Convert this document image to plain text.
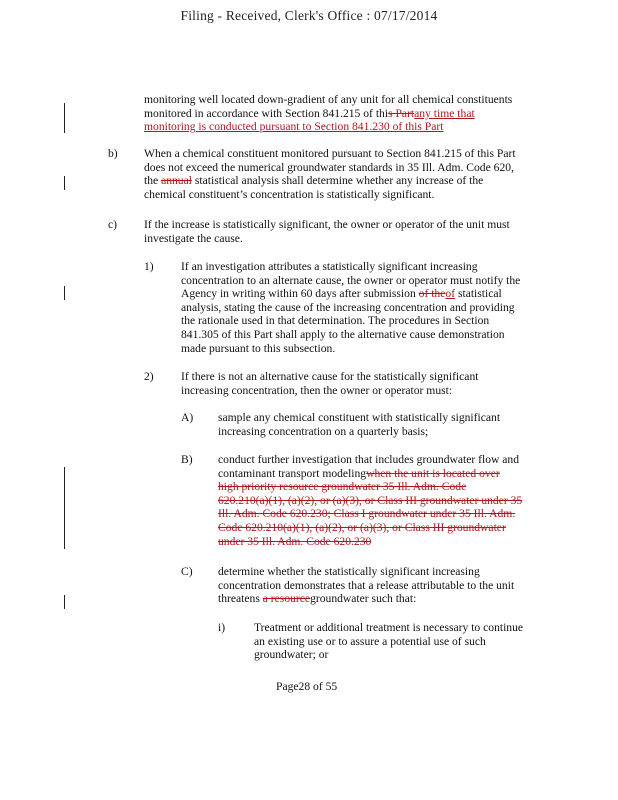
Filing - Received, Clerk's Office : 07/17/2014
monitoring well located down-gradient of any unit for all chemical constituents
monitored in accordance with Section 841.215 of this Partany time that
monitoring is conducted pursuant to Section 841.230 of this Part
b) When a chemical constituent monitored pursuant to Section 841.215 of this Part
does not exceed the numerical groundwater standards in 35 Ill. Adm. Code 620,
the annual statistical analysis shall determine whether any increase of the
chemical constituent’s concentration is statistically significant.
c) If the increase is statistically significant, the owner or operator of the unit must
investigate the cause.
1) If an investigation attributes a statistically significant increasing
concentration to an alternate cause, the owner or operator must notify the
Agency in writing within 60 days after submission of theof statistical
analysis, stating the cause of the increasing concentration and providing
the rationale used in that determination. The procedures in Section
841.305 of this Part shall apply to the alternative cause demonstration
made pursuant to this subsection.
2) If there is not an alternative cause for the statistically significant
increasing concentration, then the owner or operator must:
A) sample any chemical constituent with statistically significant
increasing concentration on a quarterly basis;
B) conduct further investigation that includes groundwater flow and
contaminant transport modelingwhen the unit is located over
high priority resource groundwater 35 Ill. Adm. Code
620.210(a)(1), (a)(2), or (a)(3), or Class III groundwater under 35
Ill. Adm. Code 620.230; Class I groundwater under 35 Ill. Adm.
Code 620.210(a)(1), (a)(2), or (a)(3), or Class III groundwater
under 35 Ill. Adm. Code 620.230
C) determine whether the statistically significant increasing
concentration demonstrates that a release attributable to the unit
threatens a resourcegroundwater such that:
i) Treatment or additional treatment is necessary to continue
an existing use or to assure a potential use of such
groundwater; or
Page28 of 55
